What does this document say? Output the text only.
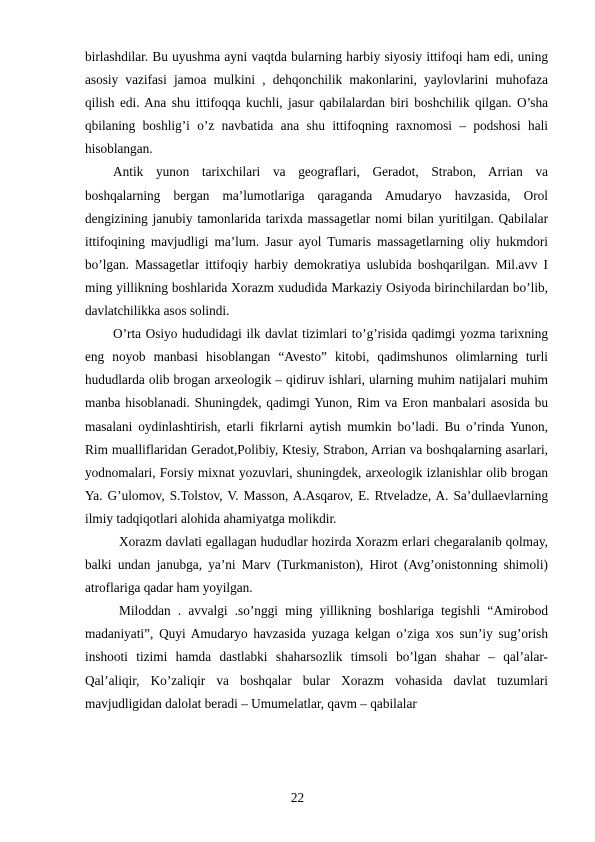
birlashdilar. Bu uyushma ayni vaqtda bularning harbiy siyosiy ittifoqi ham edi, uning asosiy vazifasi jamoa mulkini , dehqonchilik makonlarini, yaylovlarini muhofaza qilish edi. Ana shu ittifoqqa kuchli, jasur qabilalardan biri boshchilik qilgan. O’sha qbilaning boshlig’i o’z navbatida ana shu ittifoqning raxnomosi – podshosi hali hisoblangan.

Antik yunon tarixchilari va geograflari, Geradot, Strabon, Arrian va boshqalarning bergan ma’lumotlariga qaraganda Amudaryo havzasida, Orol dengizining janubiy tamonlarida tarixda massagetlar nomi bilan yuritilgan. Qabilalar ittifoqining mavjudligi ma’lum. Jasur ayol Tumaris massagetlarning oliy hukmdori bo’lgan. Massagetlar ittifoqiy harbiy demokratiya uslubida boshqarilgan. Mil.avv I ming yillikning boshlarida Xorazm xududida Markaziy Osiyoda birinchilardan bo’lib, davlatchilikka asos solindi.

O’rta Osiyo hududidagi ilk davlat tizimlari to’g’risida qadimgi yozma tarixning eng noyob manbasi hisoblangan “Avesto” kitobi, qadimshunos olimlarning turli hududlarda olib brogan arxeologik – qidiruv ishlari, ularning muhim natijalari muhim manba hisoblanadi. Shuningdek, qadimgi Yunon, Rim va Eron manbalari asosida bu masalani oydinlashtirish, etarli fikrlarni aytish mumkin bo’ladi. Bu o’rinda Yunon, Rim mualliflaridan Geradot,Polibiy, Ktesiy, Strabon, Arrian va boshqalarning asarlari, yodnomalari, Forsiy mixnat yozuvlari, shuningdek, arxeologik izlanishlar olib brogan Ya. G’ulomov, S.Tolstov, V. Masson, A.Asqarov, E. Rtveladze, A. Sa’dullaevlarning ilmiy tadqiqotlari alohida ahamiyatga molikdir.

Xorazm davlati egallagan hududlar hozirda Xorazm erlari chegaralanib qolmay, balki undan janubga, ya’ni Marv (Turkmaniston), Hirot (Avg’onistonning shimoli) atroflariga qadar ham yoyilgan.

Miloddan . avvalgi .so’nggi ming yillikning boshlariga tegishli “Amirobod madaniyati”, Quyi Amudaryo havzasida yuzaga kelgan o’ziga xos sun’iy sug’orish inshooti tizimi hamda dastlabki shaharsozlik timsoli bo’lgan shahar – qal’alar- Qal’aliqir, Ko’zaliqir va boshqalar bular Xorazm vohasida davlat tuzumlari mavjudligidan dalolat beradi – Umumelatlar, qavm – qabilalar

22
